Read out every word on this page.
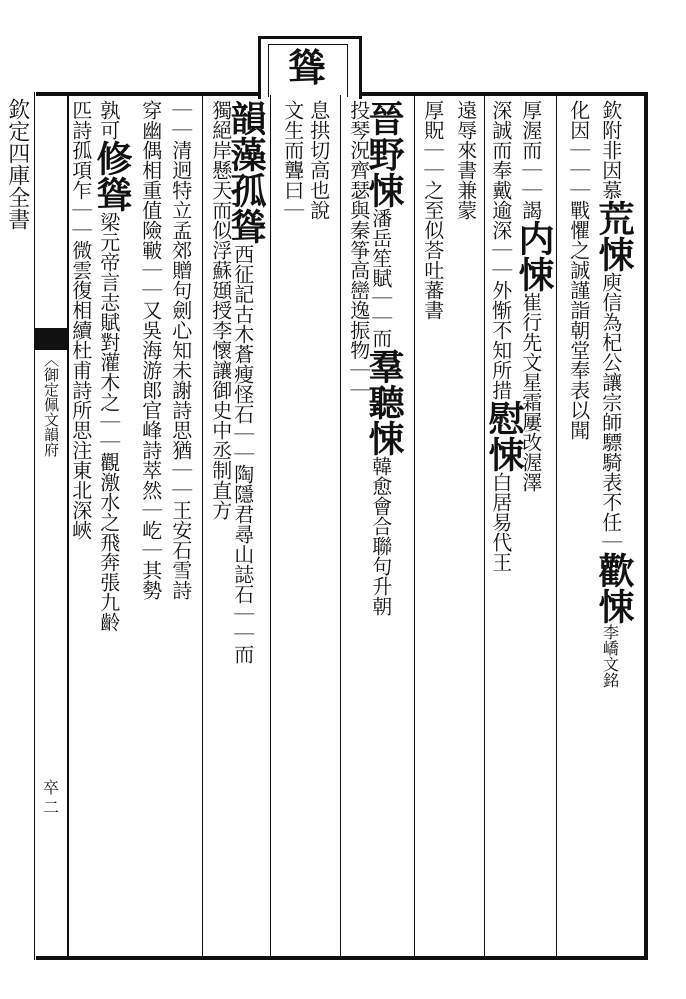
聳
欽定四庫全書
〈御定佩文韻府
卒二
欽附非因慕
荒悚
庾信為杞公讓宗師驃騎表不任
｜
歡悚
李嶠文銘
化因｜｜
｜
戰懼之誠謹詣朝堂奉表以聞
厚渥而｜｜謁
内悚
崔行先文星霜屢改渥澤
深誠而奉戴
逾深｜｜外惭不知所措
慰悚
白居易代王
遠辱來書兼蒙
厚貺｜｜之至
似荅吐蕃書
晉
野悚
潘岳笙賦｜｜而
羣聽悚
韓愈會合聯句升朝
投琴況齊瑟與秦筝
高巒逸振物｜｜
息拱切高也說
文生而聾曰｜
韻藻孤聳
西征記古木蒼瘦怪石｜｜陶隱君尋山誌石｜｜而
獨絕岸懸天而似浮蘇頲授李懷讓御史中丞制直方
｜｜清迥特立孟郊贈句劍心知未謝詩思猶｜｜王安石雪詩
穿幽偶相重值險皸｜｜又吳海游郎官峰詩萃然｜屹｜其勢
孰可
修聳
梁元帝言志賦對灌木之｜｜觀激水之飛奔張九齡
匹
詩孤項乍｜｜微雲復相續杜甫詩所思注東北深峽
